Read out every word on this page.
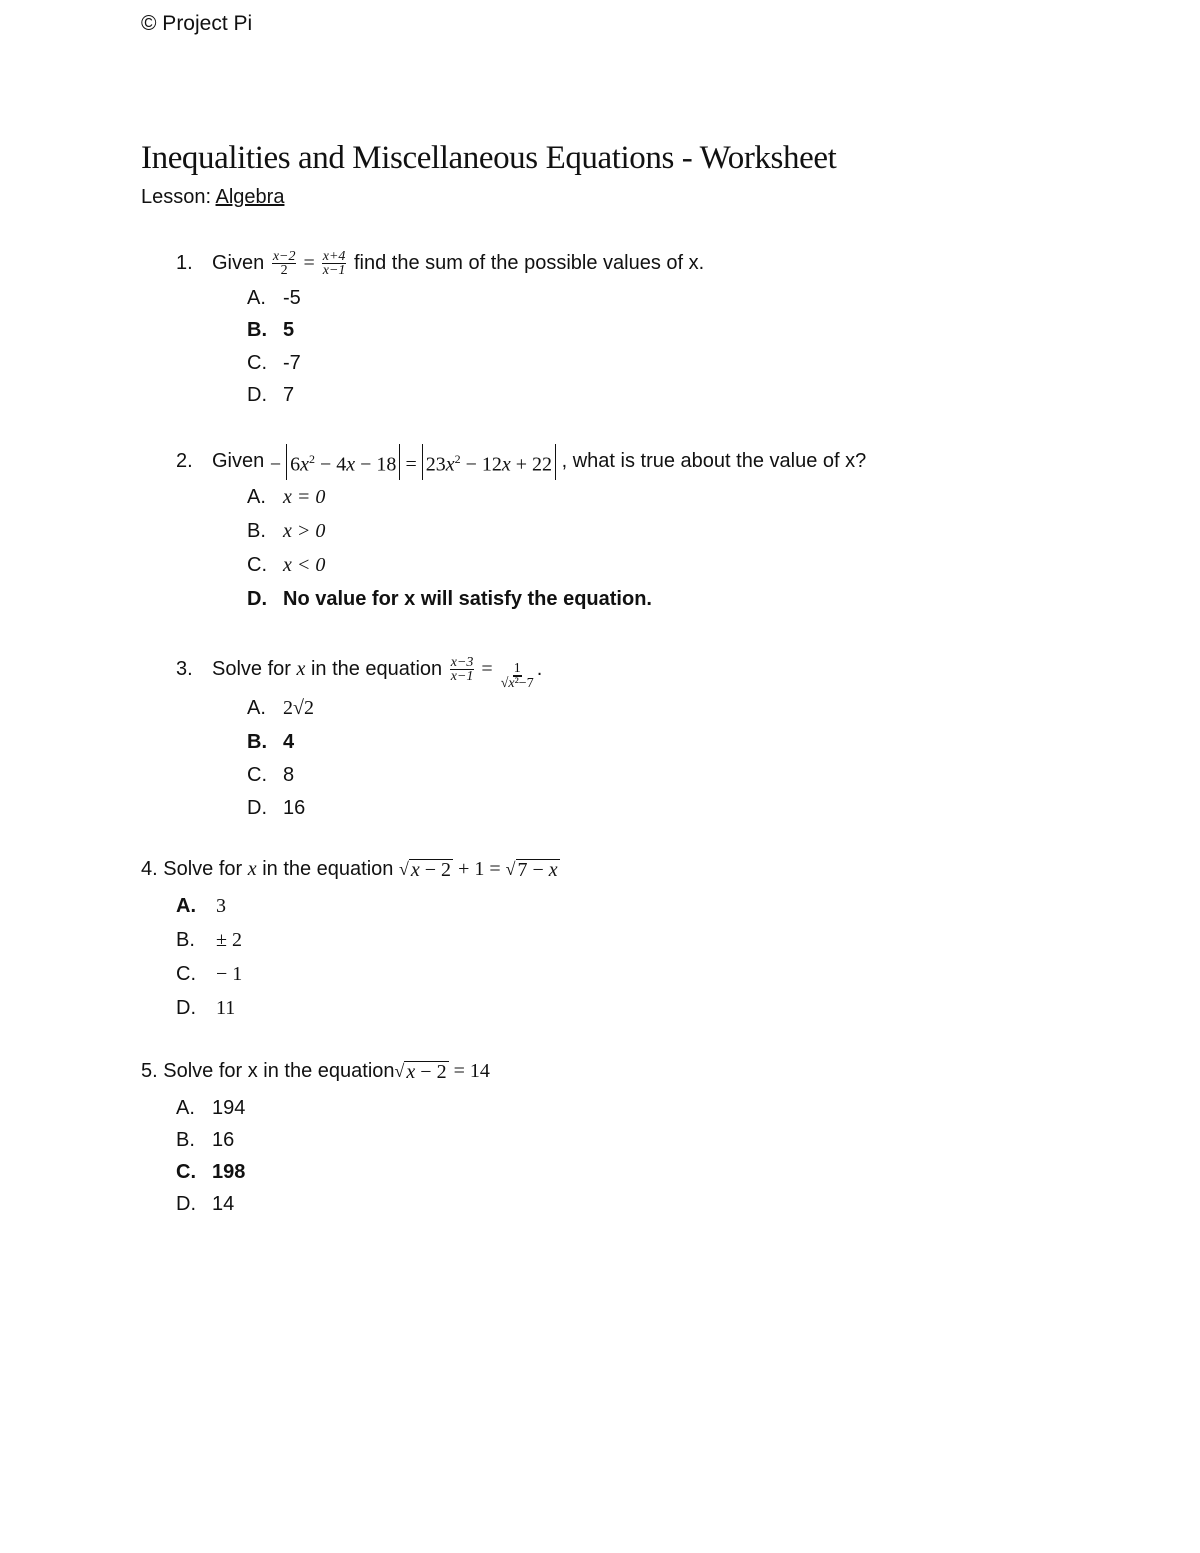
© Project Pi
Inequalities and Miscellaneous Equations - Worksheet
Lesson: Algebra
1. Given
$\frac{x-2}{2} = \frac{x+4}{x-1}$
find the sum of the possible values of x.
A. -5
B. 5
C. -7
D. 7
2. Given
− $6x^2 - 4x - 18 = 23x^2 - 12x + 22$
, what is true about the value of x?
A. x = 0
B. x > 0
C. x < 0
D. No value for x will satisfy the equation.
3. Solve for
x
in the equation
$\frac{x-3}{x-1} = \frac{1}{\text{√x²−7}}$ .
A. 2√2
B. 4
C. 8
D. 16
4.
Solve for
x
in the equation
√ x − 2 + 1 = √ 7 − x
A.	3
B.	± 2
C.	− 1
D.	11
5.
Solve for x in the equation √ x − 2 = 14
A. 194
B. 16
C. 198
D. 14
